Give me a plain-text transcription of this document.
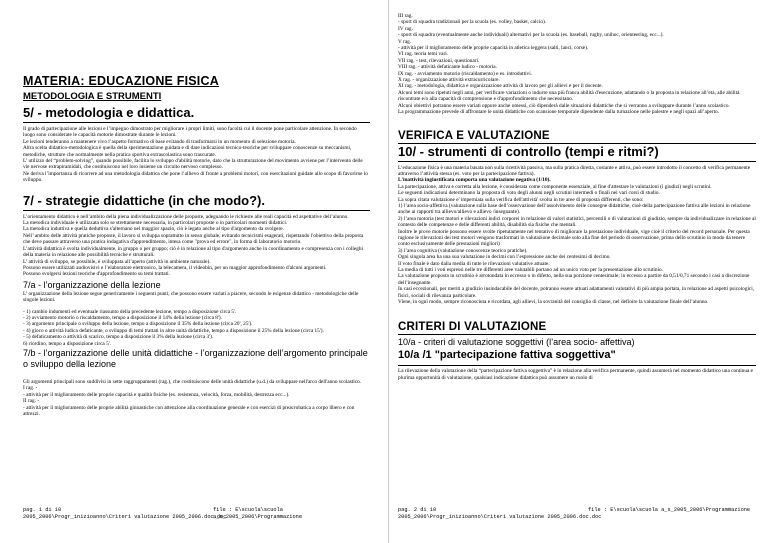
MATERIA: EDUCAZIONE FISICA
METODOLOGIA E STRUMENTI
5/ - metodologia e didattica.

Il grado di partecipazione alle lezioni e l’impegno dimostrato per migliorare i propri limiti, sono facoltà cui il docente pone particolare attenzione. In secondo luogo sono considerate le capacità motorie dimostrate durante le lezioni.

Le lezioni tenderanno a mantenere vivo l’aspetto formativo di base evitando di trasformarsi in un momento di selezione motoria.

Altra scelta didattico-metodologica è quella della sperimentazione guidata e di dare indicazioni tecnico-teoriche per sviluppare conoscenze su meccanismi, metodiche, strutture che normalmente nella pratica sportiva extrascolastica sono trascurate.

L’ utilizzo del “problem-solving”, quando possibile, facilita lo sviluppo d'abilità motorie, dato che la strutturazione del movimento avviene per l’intervento delle vie nervose extrapiramidali, che costituiscono nel loro insieme un circuito nervoso complesso.

Ne deriva l’importanza di ricorrere ad una metodologia didattica che pone l’allievo di fronte a problemi motori, con esercitazioni guidate allo scopo di favorirne lo sviluppo.

7/ - strategie didattiche (in che modo?).

L’orientamento didattico è nell’ambito della piena individualizzazione delle proposte, adeguando le richieste alle reali capacità ed aspettative dell’alunno.

La metodica individuale è utilizzata solo se strettamente necessaria, in particolari proposte o in particolari momenti didattici.

La metodica induttiva e quella deduttiva s'alternano nel maggior spazio, ciò è legato anche al tipo d'argomento da svolgere.

Nell’ ambito delle attività pratiche proposte, il lavoro si sviluppa soprattutto in senso globale, evitando tecnicismi esagerati, rispettando l'obiettivo della proposta che deve passare attraverso una pratica indagativa d'apprendimento, intesa come "prova ed errore", in forma di laboratorio motorio.

L’attività didattica è svolta individualmente, in gruppo o per gruppo; ciò è in relazione al tipo d'argomento anche in coordinamento e compresenza con i colleghi della materia in relazione alle possibilità tecniche e strutturali.

L’ attività di sviluppo, se possibile, è sviluppata all’aperto (attività in ambiente naturale).

Possono essere utilizzati audiovisivi e l’elaboratore elettronico, la telecamera, il videobin, per un maggior approfondimento d'alcuni argomenti.

Possono svolgersi lezioni teoriche d'approfondimento su temi trattati.

7/a - l’organizzazione della lezione

L’ organizzazione della lezione segue genericamente i seguenti punti, che possono essere variati a piacere, secondo le esigenze didattico - metodologiche delle singole lezioni.

- 1) cambio indumenti ed eventuale riassunto della precedente lezione, tempo a disposizione circa 5'.

- 2) avviamento motorio o riscaldamento, tempo a disposizione il 14% della lezione (circa 8').

- 3) argomento principale o sviluppo della lezione, tempo a disposizione il 35% della lezione (circa 20', 25').

- 4) gioco o attività ludica defaticante, o sviluppo di temi trattati in altre unità didattiche, tempo a disposizione il 25% della lezione (circa 15').

- 5) defaticamento o attività di scarico, tempo a disposizione il 3% della lezione (circa 3').

6) riordino, tempo a disposizione circa 5'.

7/b - l’organizzazione delle unità didattiche - l’organizzazione dell’argomento principale o sviluppo della lezione

Gli argomenti principali sono suddivisi in sette raggruppamenti (rag.), che costituiscono delle unità didattiche (u.d.) da sviluppare nell'arco dell'anno scolastico.

I rag. -

- attività per il miglioramento delle proprie capacità e qualità fisiche (es. resistenza, velocità, forza, mobilità, destrezza ecc...).

II rag. -

- attività per il miglioramento delle proprie abilità ginnastiche con attenzione alla coordinazione generale e con esercizi di preacrobatica a corpo libero e con attrezzi.

pag. 1 di 10	file : E\scuola\scuola a_s_2005_2006\Programmazione
2005_2006\Progr_inizioanno\Criteri valutazione 2005_2006.doc.doc

III rag.

- sport di squadra tradizionali per la scuola (es. volley, basket, calcio).

IV rag.

- sport di squadra (eventualmente anche individuali) alternativi per la scuola (es. baseball, rugby, unihoc, orienteering, ecc...).

V rag.

- attività per il miglioramento delle proprie capacità in atletica leggera (salti, lanci, corse).

VI rag. teoria temi vari.

VII rag. - test, rilevazioni, questionari.

VIII rag. - attività defaticante ludico - motoria.

IX rag. - avviamento motorio (riscaldamento) e es. introduttivi.

X rag. - organizzazione attività extracurricolare.

XI rag. - metodologia, didattica e organizzazione attività di lavoro per gli allievi e per il docente.

Alcuni temi sono ripetuti negli anni, per verificare variazioni o indurre una più franca abilità d'esecuzione, adattando o la proposta in relazione all’età, alle abilità riscontrate e/o alla capacità di comprensione e d'approfondimento che necessitano.

Alcuni obiettivi potranno essere variati oppure anche omessi, ciò dipenderà dalle situazioni didattiche che si verranno a sviluppare durante l’anno scolastico.

La programmazione prevede di affrontare le unità didattiche con scansione temporale dipendente dalla turnazione nelle palestre e negli spazi all’aperto.

VERIFICA E VALUTAZIONE
10/ - strumenti di controllo (tempi e ritmi?)

L’educazione fisica è una materia basata non sulla ricettività passiva, ma sulla pratica diretta, costante e attiva, può essere introdotto il concetto di verifica permanente attraverso l’attività stessa (es. voto per la partecipazione fattiva).

L'inattività ingiustificata comporta una valutazione negativa (1/10).

La partecipazione, attiva e corretta alla lezione, è considerata come componente essenziale, al fine d'attestare le valutazioni (i giudizi) negli scrutini.

Le seguenti indicazioni determinano la proposta di voto degli alunni negli scrutini intermedi o finali nei vari corsi di studio.

La sopra citata valutazione e' imperniata sulla verifica dell'attività' svolta in tre aree di proposta differenti, che sono:

1) l’area socio-affettiva (valutazione sulla base dell’osservazione dell’assolvimento delle consegne didattiche, cioè della partecipazione fattiva alle lezioni in relazione anche ai rapporti tra allievo/allievo e allievo /insegnante).

2) l’area motoria (test motori e rilevazioni indici corporei in relazione di valori statistici, percentili o di valutazioni di giudizio, sempre da individualizzare in relazione al contesto delle competenze e delle differenti abilità, disabilità sia fisiche che mentali.

Inoltre le prove motorie possono essere svolte ripetutamente nel tentativo di migliorare la prestazione individuale, vige cioè il criterio del record personale. Per questa ragione le rilevazioni dei test motori vengono trasformati in valutazione decimale solo alla fine del periodo di osservazione, prima dello scrutinio in modo da tenere conto esclusivamente delle prestazioni migliori)

3) l’area cognitiva (valutazione conoscenze teorico pratiche).

Ogni singola area ha una sua valutazione in decimi con l’espressione anche dei centesimi di decimo.

Il voto finale è dato dalla media di tutte le rilevazioni valutative attuate.

La media di tutti i voti espressi nelle tre differenti aree valutabili portano ad un unico voto per la presentazione allo scrutinio.

La valutazione proposta in scrutinio è arrotondata in eccesso o in difetto, nella sua porzione centesimale; in eccesso a partire da 0,51/0,71 secondo i casi a discrezione dell’insegnante.

In casi eccezionali, per meriti a giudizio insindacabile del docente, potranno essere attuati adattamenti valutativi di più ampia portata, in relazione ad aspetti psicologici, fisici, sociali di rilevanza particolare.

Viene, in ogni modo, sempre riconosciuta e ricordata, agli allievi, la sovranità del consiglio di classe, nel definire la valutazione finale dell’alunno.

CRITERI DI VALUTAZIONE
10/a - criteri di valutazione soggettivi (l’area socio- affettiva)
10/a /1 "partecipazione fattiva soggettiva"

La rilevazione della valutazione della “partecipazione fattiva soggettiva” è in relazione alla verifica permanente, quindi assumerà nel momento didattico una continua e plurima opportunità di valutazione, qualsiasi indicazione didattica può assumere un ruolo di

pag. 2 di 10	file : E\scuola\scuola a_s_2005_2006\Programmazione
2005_2006\Progr_inizioanno\Criteri valutazione 2005_2006.doc.doc
